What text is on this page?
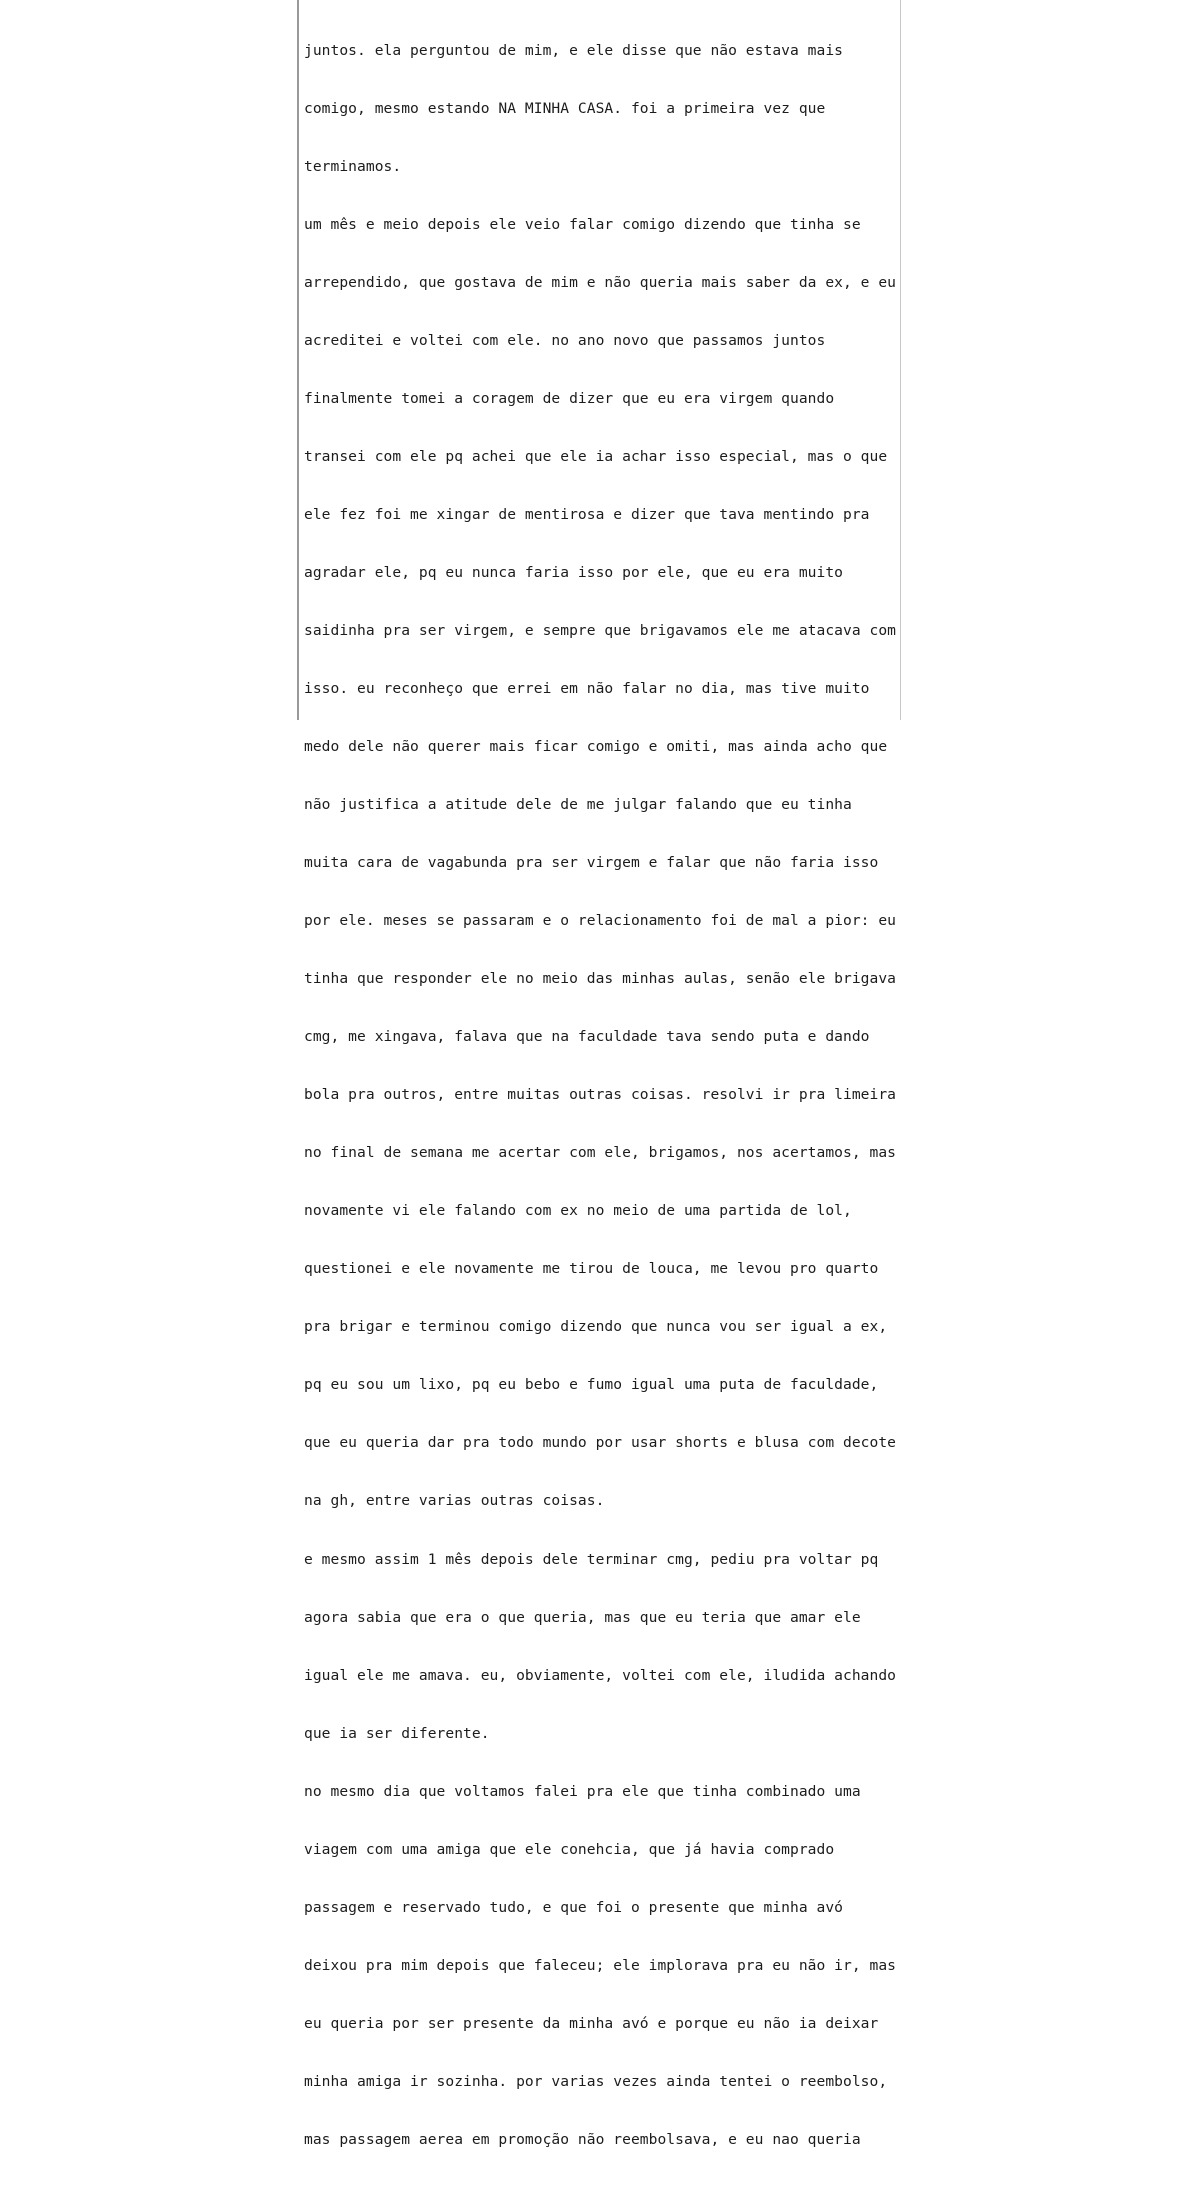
juntos. ela perguntou de mim, e ele disse que não estava mais

comigo, mesmo estando NA MINHA CASA. foi a primeira vez que

terminamos.

um mês e meio depois ele veio falar comigo dizendo que tinha se

arrependido, que gostava de mim e não queria mais saber da ex, e eu

acreditei e voltei com ele. no ano novo que passamos juntos

finalmente tomei a coragem de dizer que eu era virgem quando

transei com ele pq achei que ele ia achar isso especial, mas o que

ele fez foi me xingar de mentirosa e dizer que tava mentindo pra

agradar ele, pq eu nunca faria isso por ele, que eu era muito

saidinha pra ser virgem, e sempre que brigavamos ele me atacava com

isso. eu reconheço que errei em não falar no dia, mas tive muito

medo dele não querer mais ficar comigo e omiti, mas ainda acho que

não justifica a atitude dele de me julgar falando que eu tinha

muita cara de vagabunda pra ser virgem e falar que não faria isso

por ele. meses se passaram e o relacionamento foi de mal a pior: eu

tinha que responder ele no meio das minhas aulas, senão ele brigava

cmg, me xingava, falava que na faculdade tava sendo puta e dando

bola pra outros, entre muitas outras coisas. resolvi ir pra limeira

no final de semana me acertar com ele, brigamos, nos acertamos, mas

novamente vi ele falando com ex no meio de uma partida de lol,

questionei e ele novamente me tirou de louca, me levou pro quarto

pra brigar e terminou comigo dizendo que nunca vou ser igual a ex,

pq eu sou um lixo, pq eu bebo e fumo igual uma puta de faculdade,

que eu queria dar pra todo mundo por usar shorts e blusa com decote

na gh, entre varias outras coisas.

e mesmo assim 1 mês depois dele terminar cmg, pediu pra voltar pq

agora sabia que era o que queria, mas que eu teria que amar ele

igual ele me amava. eu, obviamente, voltei com ele, iludida achando

que ia ser diferente.

no mesmo dia que voltamos falei pra ele que tinha combinado uma

viagem com uma amiga que ele conehcia, que já havia comprado

passagem e reservado tudo, e que foi o presente que minha avó

deixou pra mim depois que faleceu; ele implorava pra eu não ir, mas

eu queria por ser presente da minha avó e porque eu não ia deixar

minha amiga ir sozinha. por varias vezes ainda tentei o reembolso,

mas passagem aerea em promoção não reembolsava, e eu nao queria
